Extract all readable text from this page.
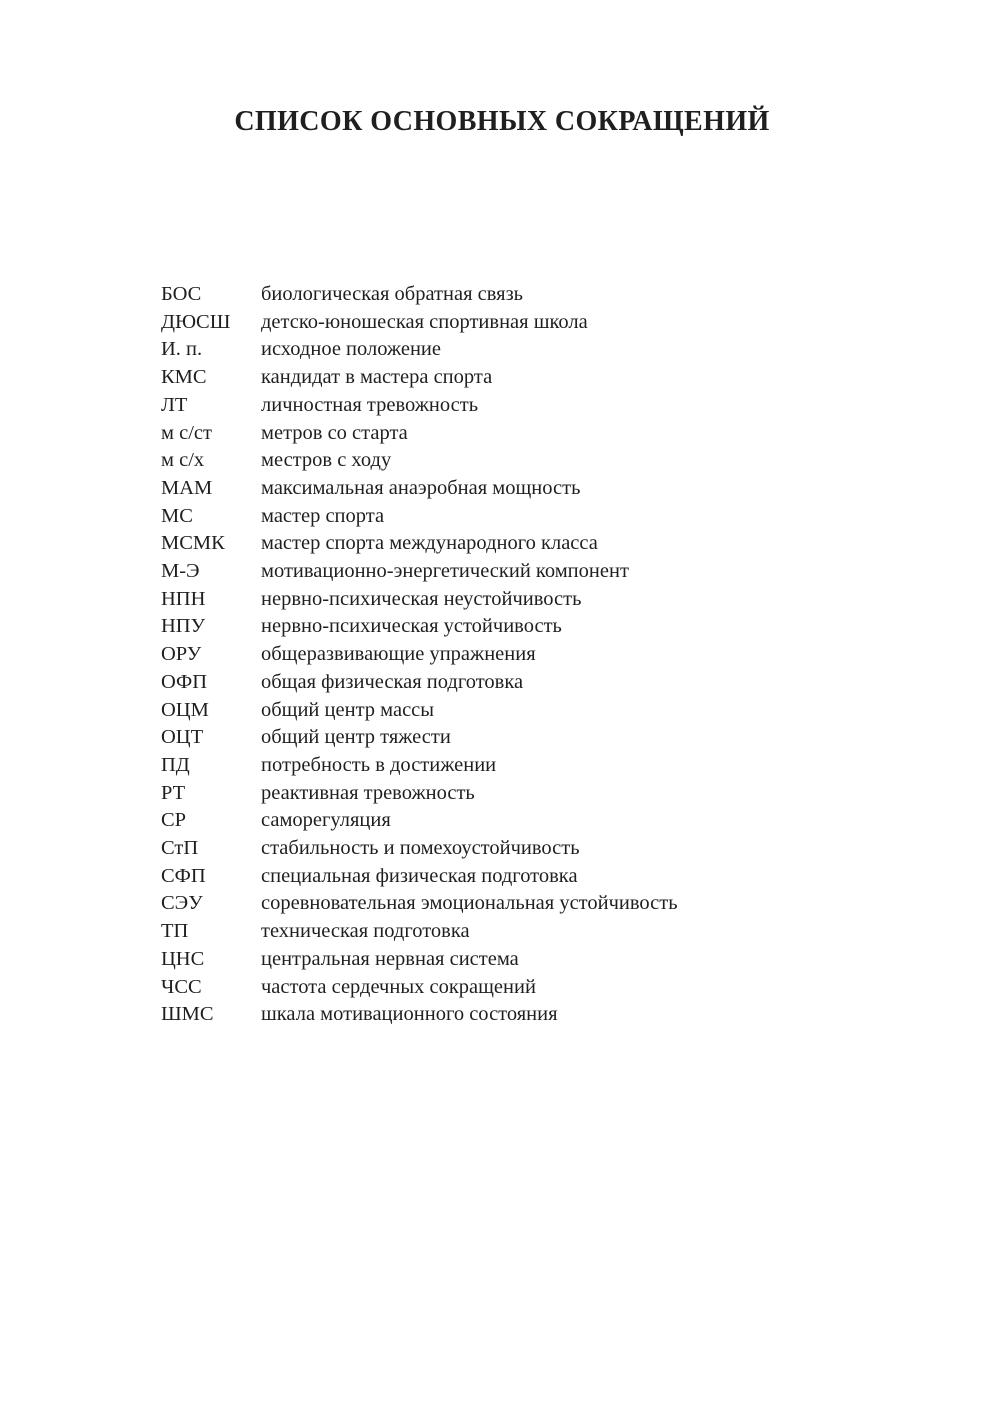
СПИСОК ОСНОВНЫХ СОКРАЩЕНИЙ
БОС	биологическая обратная связь
ДЮСШ	детско-юношеская спортивная школа
И. п.	исходное положение
КМС	кандидат в мастера спорта
ЛТ	личностная тревожность
м с/ст	метров со старта
м с/х	местров с ходу
МАМ	максимальная анаэробная мощность
МС	мастер спорта
МСМК	мастер спорта международного класса
М-Э	мотивационно-энергетический компонент
НПН	нервно-психическая неустойчивость
НПУ	нервно-психическая устойчивость
ОРУ	общеразвивающие упражнения
ОФП	общая физическая подготовка
ОЦМ	общий центр массы
ОЦТ	общий центр тяжести
ПД	потребность в достижении
РТ	реактивная тревожность
СР	саморегуляция
СтП	стабильность и помехоустойчивость
СФП	специальная физическая подготовка
СЭУ	соревновательная эмоциональная устойчивость
ТП	техническая подготовка
ЦНС	центральная нервная система
ЧСС	частота сердечных сокращений
ШМС	шкала мотивационного состояния
